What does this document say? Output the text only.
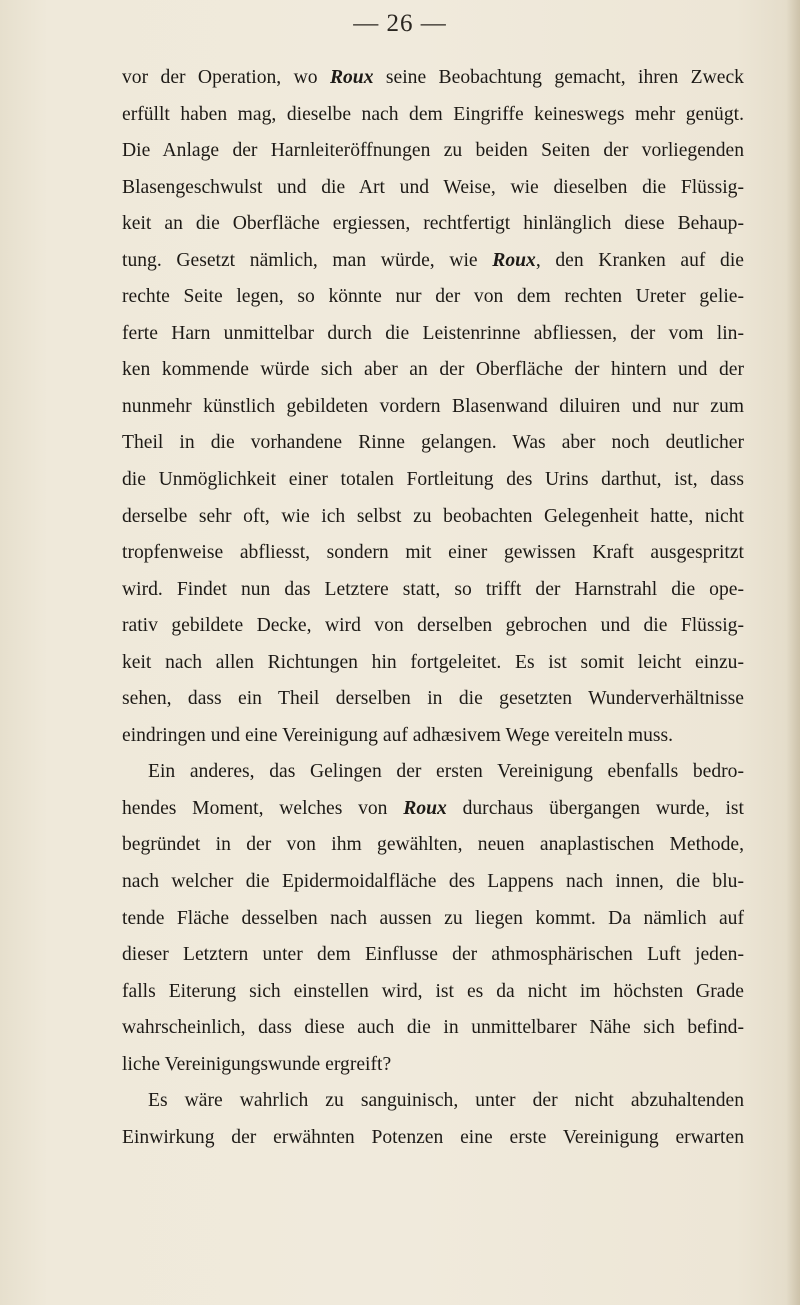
— 26 —
vor der Operation, wo Roux seine Beobachtung gemacht, ihren Zweck
erfüllt haben mag, dieselbe nach dem Eingriffe keineswegs mehr genügt.
Die Anlage der Harnleiteröffnungen zu beiden Seiten der vorliegenden
Blasengeschwulst und die Art und Weise, wie dieselben die Flüssig-
keit an die Oberfläche ergiessen, rechtfertigt hinlänglich diese Behaup-
tung. Gesetzt nämlich, man würde, wie Roux, den Kranken auf die
rechte Seite legen, so könnte nur der von dem rechten Ureter gelie-
ferte Harn unmittelbar durch die Leistenrinne abfliessen, der vom lin-
ken kommende würde sich aber an der Oberfläche der hintern und der
nunmehr künstlich gebildeten vordern Blasenwand diluiren und nur zum
Theil in die vorhandene Rinne gelangen. Was aber noch deutlicher
die Unmöglichkeit einer totalen Fortleitung des Urins darthut, ist, dass
derselbe sehr oft, wie ich selbst zu beobachten Gelegenheit hatte, nicht
tropfenweise abfliesst, sondern mit einer gewissen Kraft ausgespritzt
wird. Findet nun das Letztere statt, so trifft der Harnstrahl die ope-
rativ gebildete Decke, wird von derselben gebrochen und die Flüssig-
keit nach allen Richtungen hin fortgeleitet. Es ist somit leicht einzu-
sehen, dass ein Theil derselben in die gesetzten Wunderverhältnisse
eindringen und eine Vereinigung auf adhæsivem Wege vereiteln muss.
Ein anderes, das Gelingen der ersten Vereinigung ebenfalls bedro-
hendes Moment, welches von Roux durchaus übergangen wurde, ist
begründet in der von ihm gewählten, neuen anaplastischen Methode,
nach welcher die Epidermoidalfläche des Lappens nach innen, die blu-
tende Fläche desselben nach aussen zu liegen kommt. Da nämlich auf
dieser Letztern unter dem Einflusse der athmosphärischen Luft jeden-
falls Eiterung sich einstellen wird, ist es da nicht im höchsten Grade
wahrscheinlich, dass diese auch die in unmittelbarer Nähe sich befind-
liche Vereinigungswunde ergreift?
Es wäre wahrlich zu sanguinisch, unter der nicht abzuhaltenden
Einwirkung der erwähnten Potenzen eine erste Vereinigung erwarten
